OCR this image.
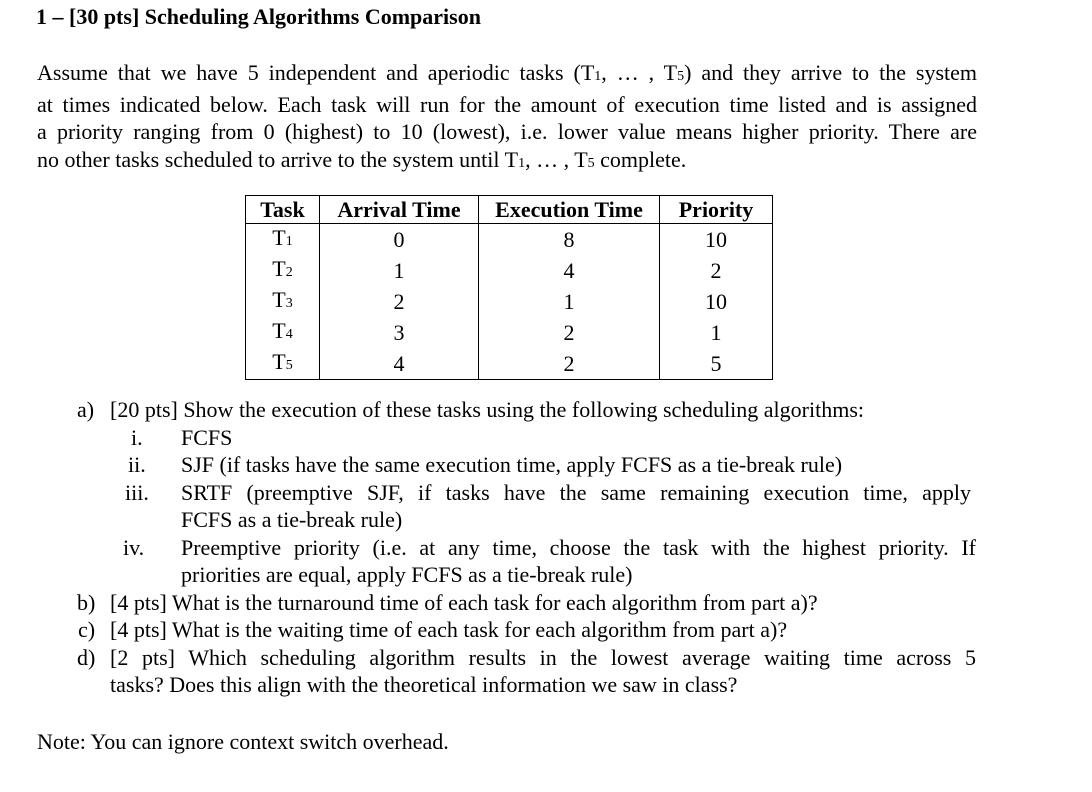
1 – [30 pts] Scheduling Algorithms Comparison
Assume that we have 5 independent and aperiodic tasks (T1, … , T5) and they arrive to the system
at times indicated below. Each task will run for the amount of execution time listed and is assigned
a priority ranging from 0 (highest) to 10 (lowest), i.e. lower value means higher priority. There are
no other tasks scheduled to arrive to the system until T1, … , T5 complete.
Task	Arrival Time	Execution Time	Priority
T1	0	8	10
T2	1	4	2
T3	2	1	10
T4	3	2	1
T5	4	2	5
a) [20 pts] Show the execution of these tasks using the following scheduling algorithms:
i. FCFS
ii. SJF (if tasks have the same execution time, apply FCFS as a tie-break rule)
iii. SRTF (preemptive SJF, if tasks have the same remaining execution time, apply
FCFS as a tie-break rule)
iv. Preemptive priority (i.e. at any time, choose the task with the highest priority. If
priorities are equal, apply FCFS as a tie-break rule)
b) [4 pts] What is the turnaround time of each task for each algorithm from part a)?
c) [4 pts] What is the waiting time of each task for each algorithm from part a)?
d) [2 pts] Which scheduling algorithm results in the lowest average waiting time across 5
tasks? Does this align with the theoretical information we saw in class?
Note: You can ignore context switch overhead.
